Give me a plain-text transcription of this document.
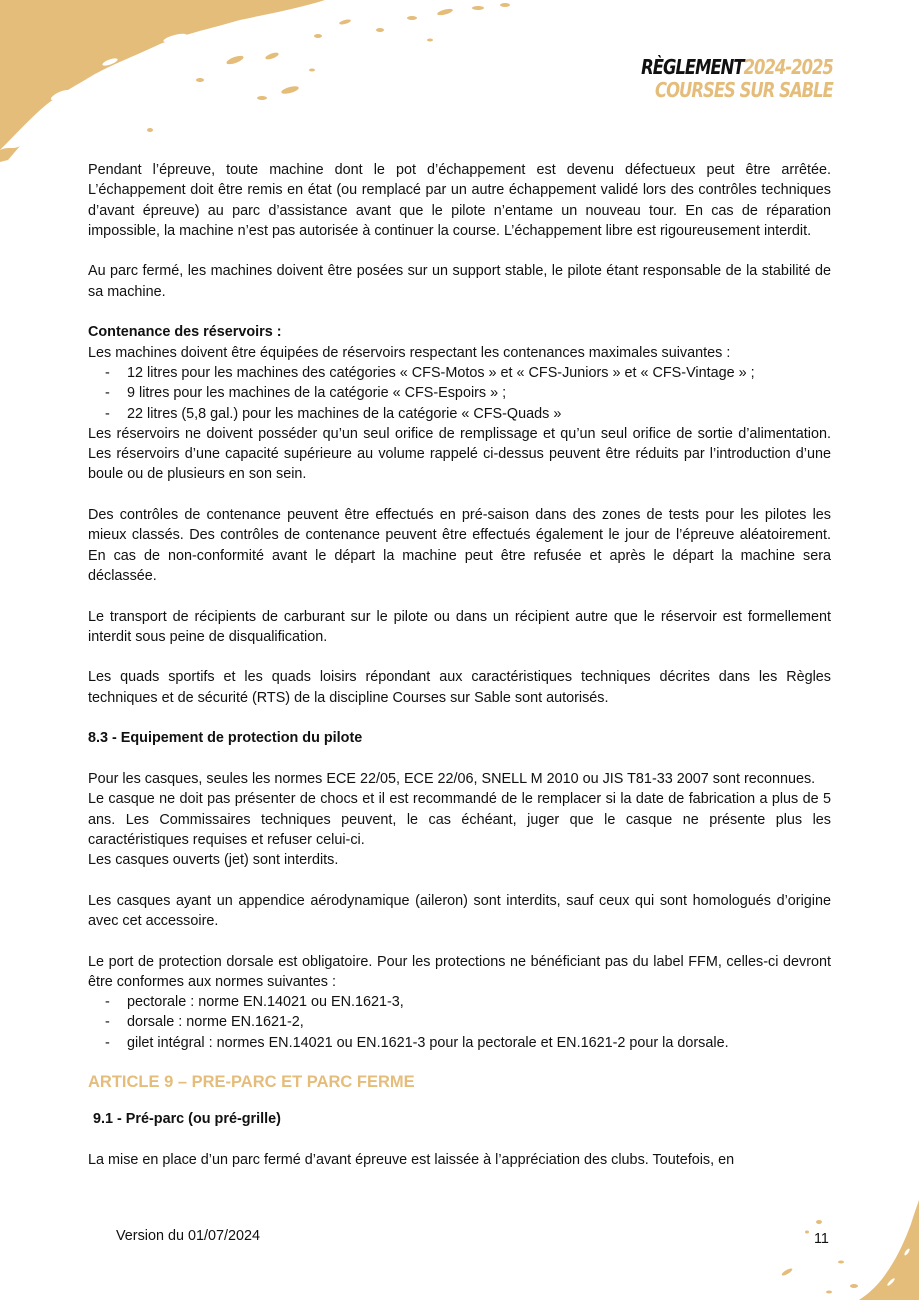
RÈGLEMENT2024-2025
COURSES SUR SABLE

Pendant l’épreuve, toute machine dont le pot d’échappement est devenu défectueux peut être arrêtée. L’échappement doit être remis en état (ou remplacé par un autre échappement validé lors des contrôles techniques d’avant épreuve) au parc d’assistance avant que le pilote n’entame un nouveau tour. En cas de réparation impossible, la machine n’est pas autorisée à continuer la course. L’échappement libre est rigoureusement interdit.

Au parc fermé, les machines doivent être posées sur un support stable, le pilote étant responsable de la stabilité de sa machine.

Contenance des réservoirs :

Les machines doivent être équipées de réservoirs respectant les contenances maximales suivantes :

- 12 litres pour les machines des catégories « CFS-Motos » et « CFS-Juniors » et « CFS-Vintage » ;
- 9 litres pour les machines de la catégorie « CFS-Espoirs » ;
- 22 litres (5,8 gal.) pour les machines de la catégorie « CFS-Quads »

Les réservoirs ne doivent posséder qu’un seul orifice de remplissage et qu’un seul orifice de sortie d’alimentation. Les réservoirs d’une capacité supérieure au volume rappelé ci-dessus peuvent être réduits par l’introduction d’une boule ou de plusieurs en son sein.

Des contrôles de contenance peuvent être effectués en pré-saison dans des zones de tests pour les pilotes les mieux classés. Des contrôles de contenance peuvent être effectués également le jour de l’épreuve aléatoirement. En cas de non-conformité avant le départ la machine peut être refusée et après le départ la machine sera déclassée.

Le transport de récipients de carburant sur le pilote ou dans un récipient autre que le réservoir est formellement interdit sous peine de disqualification.

Les quads sportifs et les quads loisirs répondant aux caractéristiques techniques décrites dans les Règles techniques et de sécurité (RTS) de la discipline Courses sur Sable sont autorisés.

8.3 - Equipement de protection du pilote

Pour les casques, seules les normes ECE 22/05, ECE 22/06, SNELL M 2010 ou JIS T81-33 2007 sont reconnues.

Le casque ne doit pas présenter de chocs et il est recommandé de le remplacer si la date de fabrication a plus de 5 ans. Les Commissaires techniques peuvent, le cas échéant, juger que le casque ne présente plus les caractéristiques requises et refuser celui-ci.

Les casques ouverts (jet) sont interdits.

Les casques ayant un appendice aérodynamique (aileron) sont interdits, sauf ceux qui sont homologués d’origine avec cet accessoire.

Le port de protection dorsale est obligatoire. Pour les protections ne bénéficiant pas du label FFM, celles-ci devront être conformes aux normes suivantes :

- pectorale : norme EN.14021 ou EN.1621-3,
- dorsale : norme EN.1621-2,
- gilet intégral : normes EN.14021 ou EN.1621-3 pour la pectorale et EN.1621-2 pour la dorsale.

ARTICLE 9 – PRE-PARC ET PARC FERME

9.1 - Pré-parc (ou pré-grille)

La mise en place d’un parc fermé d’avant épreuve est laissée à l’appréciation des clubs. Toutefois, en

Version du 01/07/2024	11
